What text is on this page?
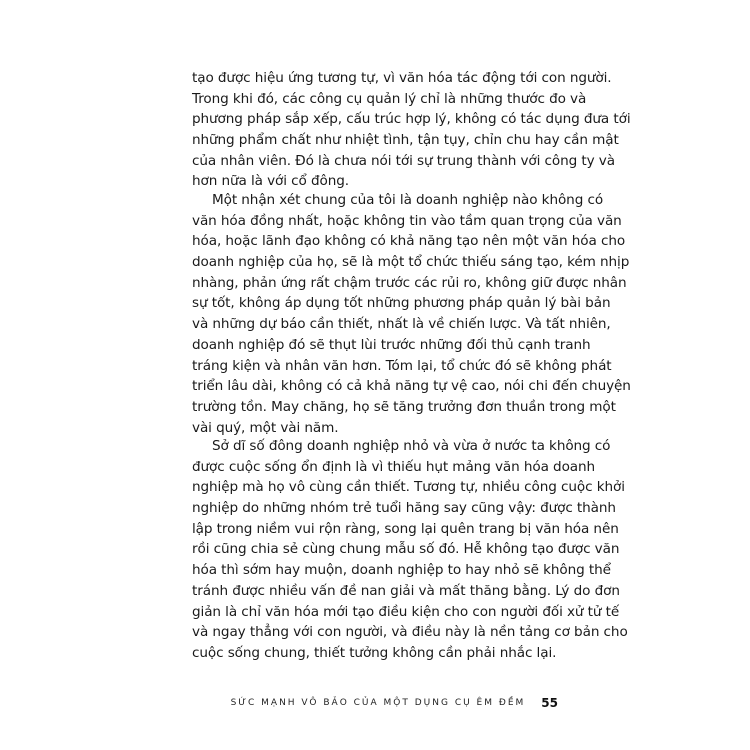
tạo được hiệu ứng tương tự, vì văn hóa tác động tới con người.
Trong khi đó, các công cụ quản lý chỉ là những thước đo và
phương pháp sắp xếp, cấu trúc hợp lý, không có tác dụng đưa tới
những phẩm chất như nhiệt tình, tận tụy, chỉn chu hay cần mật
của nhân viên. Đó là chưa nói tới sự trung thành với công ty và
hơn nữa là với cổ đông.
Một nhận xét chung của tôi là doanh nghiệp nào không có
văn hóa đồng nhất, hoặc không tin vào tầm quan trọng của văn
hóa, hoặc lãnh đạo không có khả năng tạo nên một văn hóa cho
doanh nghiệp của họ, sẽ là một tổ chức thiếu sáng tạo, kém nhịp
nhàng, phản ứng rất chậm trước các rủi ro, không giữ được nhân
sự tốt, không áp dụng tốt những phương pháp quản lý bài bản
và những dự báo cần thiết, nhất là về chiến lược. Và tất nhiên,
doanh nghiệp đó sẽ thụt lùi trước những đối thủ cạnh tranh
tráng kiện và nhân văn hơn. Tóm lại, tổ chức đó sẽ không phát
triển lâu dài, không có cả khả năng tự vệ cao, nói chi đến chuyện
trường tồn. May chăng, họ sẽ tăng trưởng đơn thuần trong một
vài quý, một vài năm.
Sở dĩ số đông doanh nghiệp nhỏ và vừa ở nước ta không có
được cuộc sống ổn định là vì thiếu hụt mảng văn hóa doanh
nghiệp mà họ vô cùng cần thiết. Tương tự, nhiều công cuộc khởi
nghiệp do những nhóm trẻ tuổi hăng say cũng vậy: được thành
lập trong niềm vui rộn ràng, song lại quên trang bị văn hóa nên
rồi cũng chia sẻ cùng chung mẫu số đó. Hễ không tạo được văn
hóa thì sớm hay muộn, doanh nghiệp to hay nhỏ sẽ không thể
tránh được nhiều vấn đề nan giải và mất thăng bằng. Lý do đơn
giản là chỉ văn hóa mới tạo điều kiện cho con người đối xử tử tế
và ngay thẳng với con người, và điều này là nền tảng cơ bản cho
cuộc sống chung, thiết tưởng không cần phải nhắc lại.
SỨC MẠNH VÔ BẢO CỦA MỘT DỤNG CỤ ÊM ĐỀM 55
